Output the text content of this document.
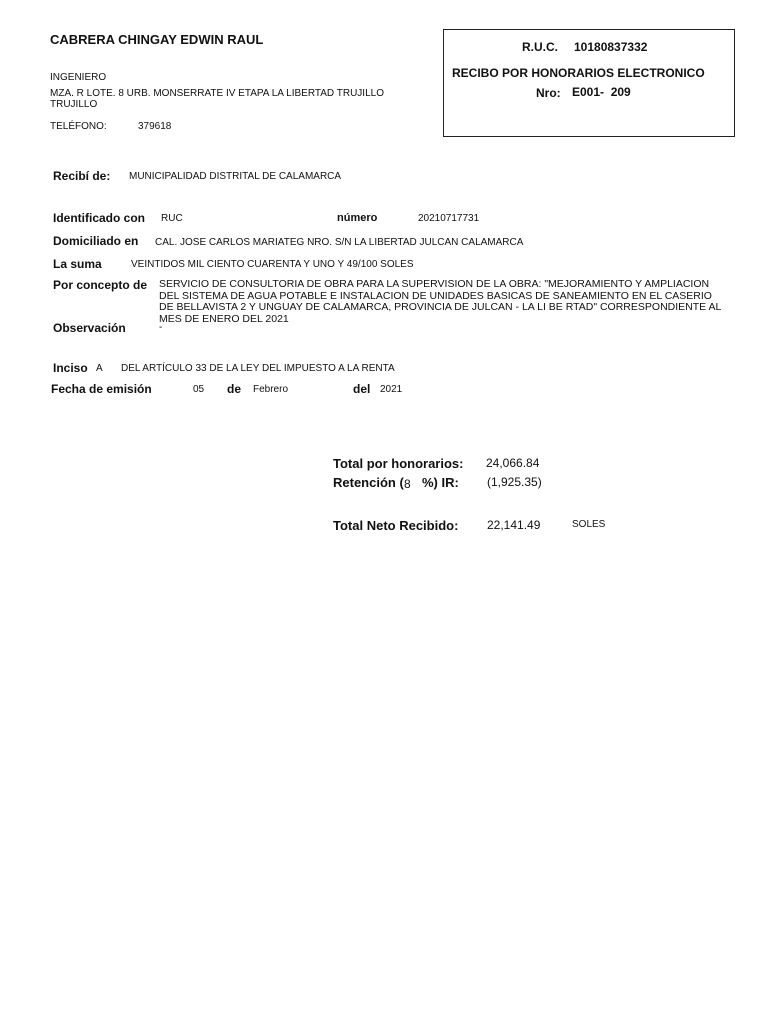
CABRERA CHINGAY EDWIN RAUL
INGENIERO
MZA. R LOTE. 8 URB. MONSERRATE IV ETAPA LA LIBERTAD TRUJILLO
TRUJILLO
TELÉFONO:	379618
R.U.C. 10180837332
RECIBO POR HONORARIOS ELECTRONICO
Nro: E001-  209
Recibí de: MUNICIPALIDAD DISTRITAL DE CALAMARCA
Identificado con RUC	número	20210717731
Domiciliado en CAL. JOSE CARLOS MARIATEG NRO. S/N LA LIBERTAD JULCAN CALAMARCA
La suma	VEINTIDOS MIL CIENTO CUARENTA Y UNO Y 49/100 SOLES
Por concepto de SERVICIO DE CONSULTORIA DE OBRA PARA LA SUPERVISION DE LA OBRA: "MEJORAMIENTO Y AMPLIACION DEL SISTEMA DE AGUA POTABLE E INSTALACION DE UNIDADES BASICAS DE SANEAMIENTO EN EL CASERIO DE BELLAVISTA 2 Y UNGUAY DE CALAMARCA, PROVINCIA DE JULCAN - LA LI BE RTAD" CORRESPONDIENTE AL MES DE ENERO DEL 2021
Observación	-
Inciso A DEL ARTÍCULO 33 DE LA LEY DEL IMPUESTO A LA RENTA
Fecha de emisión	05 de Febrero	del 2021
Total por honorarios: 24,066.84
Retención ( 8 %) IR: (1,925.35)
Total Neto Recibido: 22,141.49	SOLES
